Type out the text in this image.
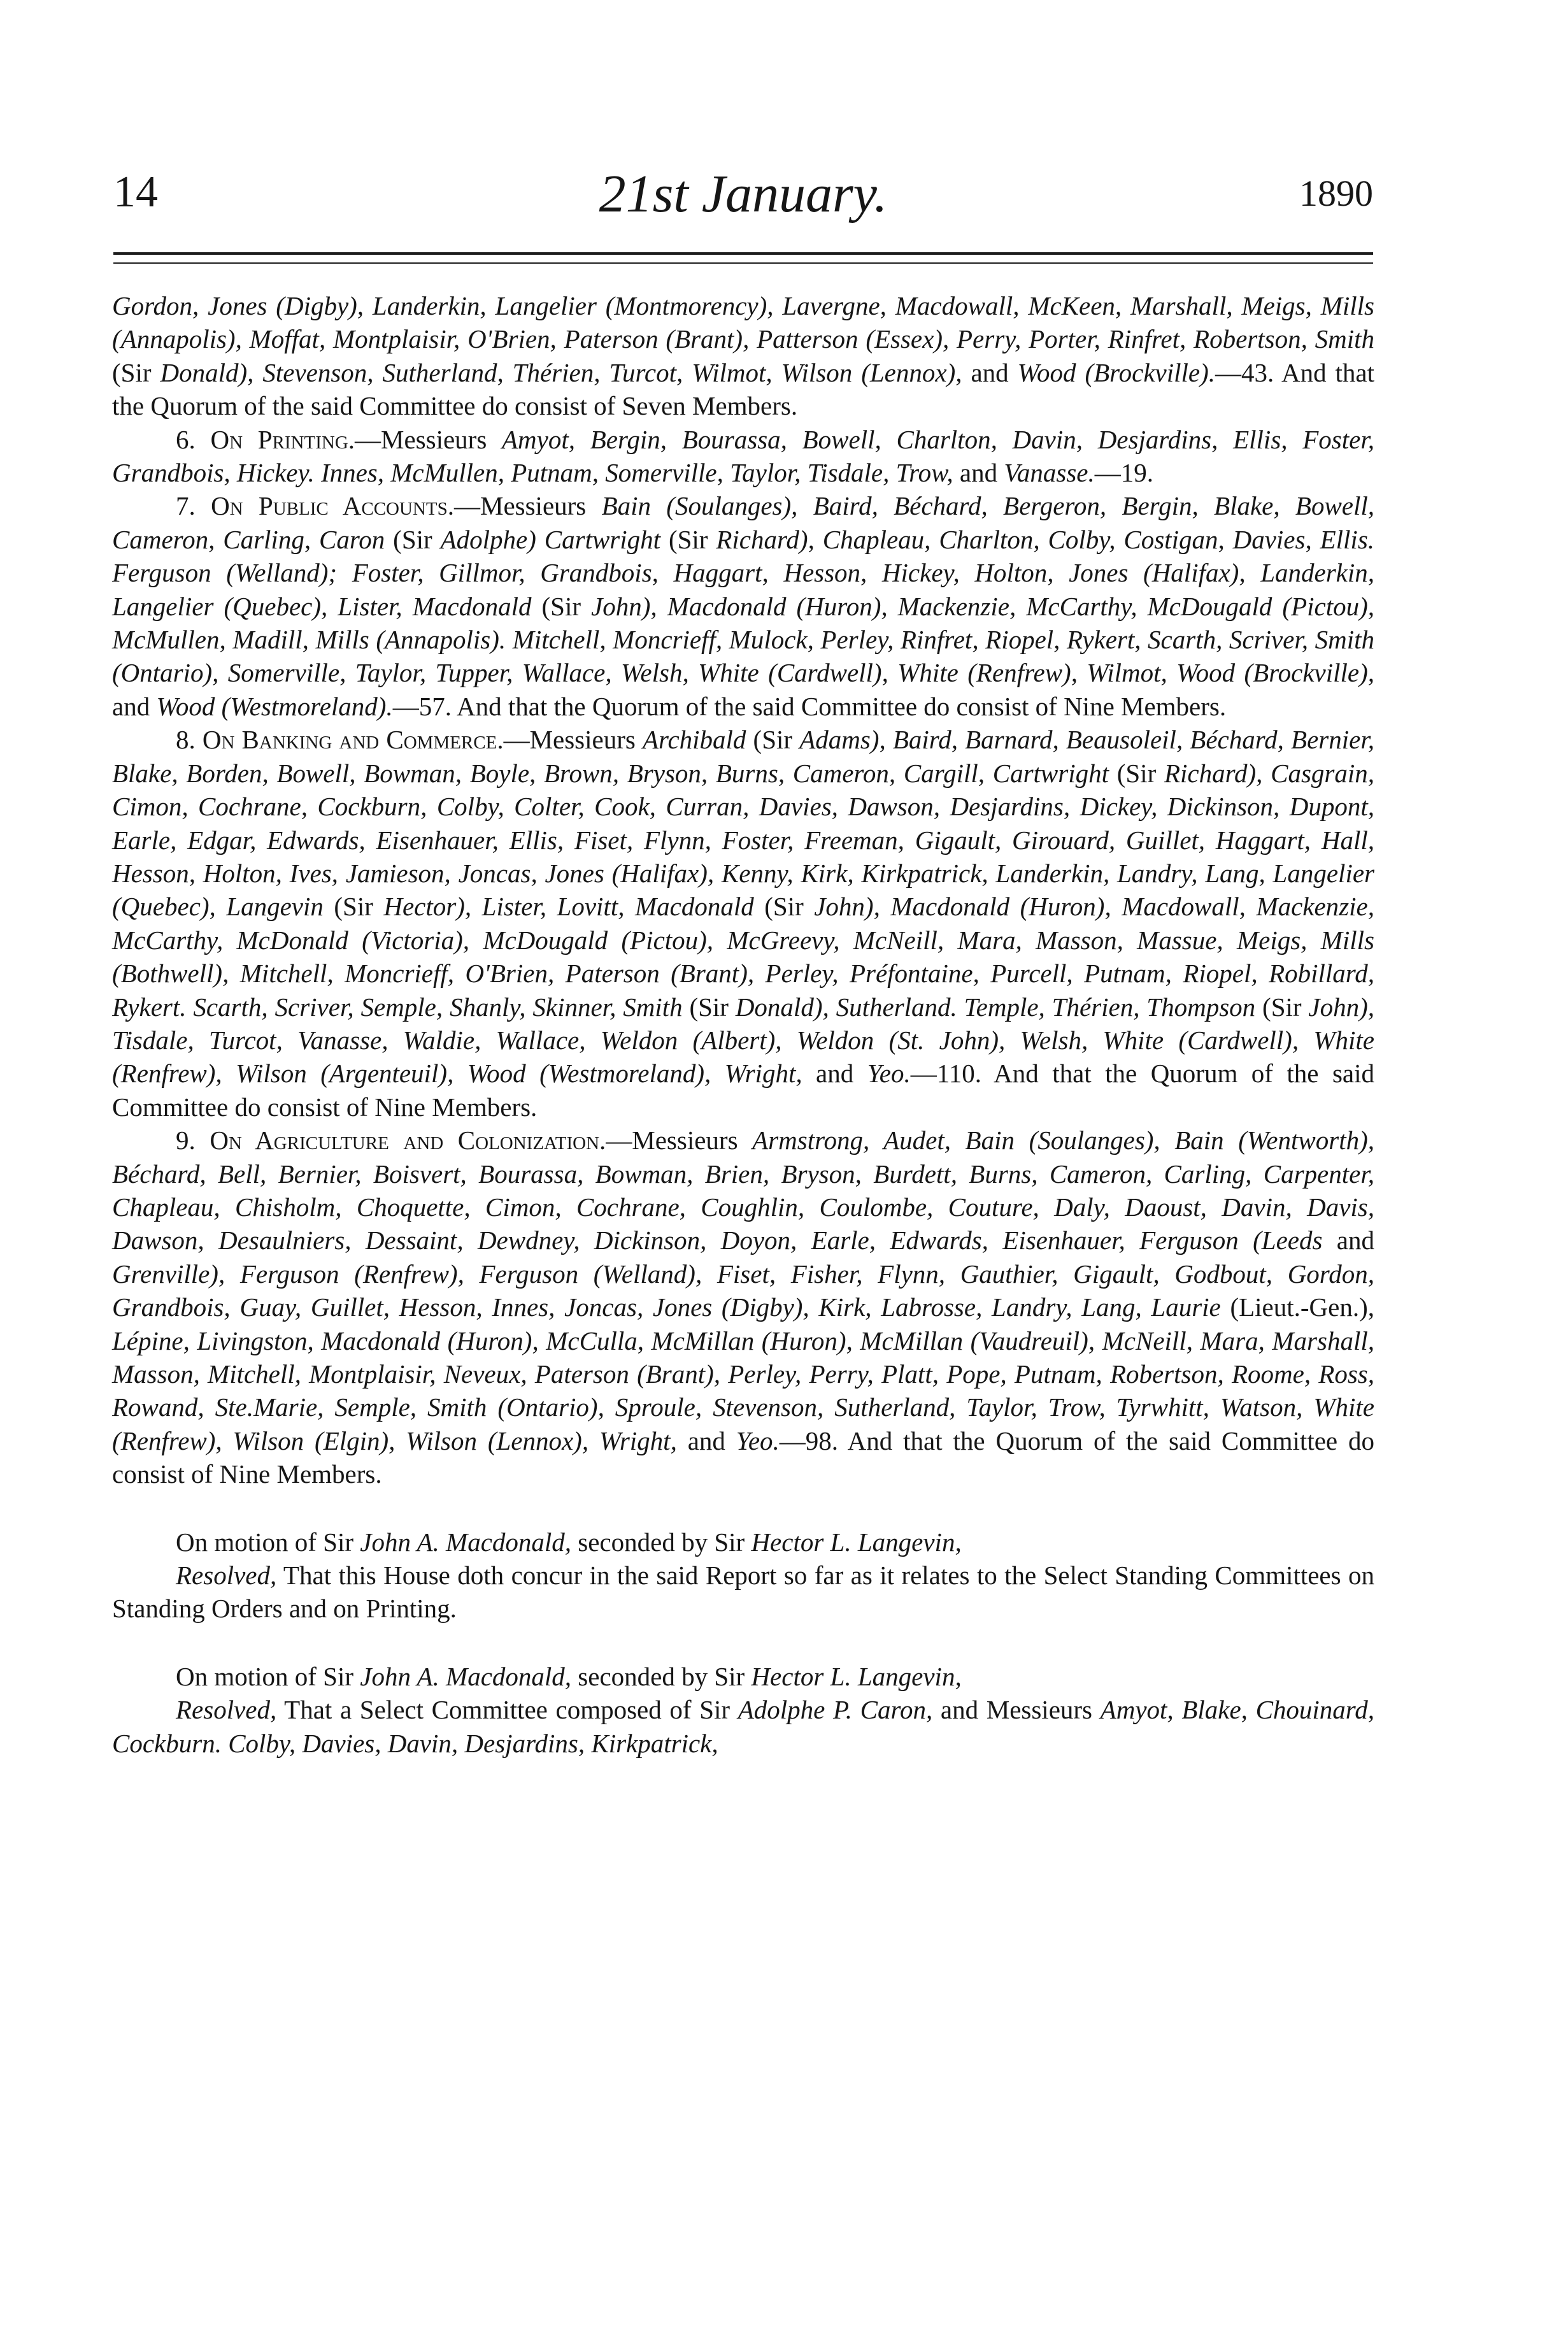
14	21st January.	1890

Gordon, Jones (Digby), Landerkin, Langelier (Montmorency), Lavergne, Macdowall, McKeen, Marshall, Meigs, Mills (Annapolis), Moffat, Montplaisir, O'Brien, Paterson (Brant), Patterson (Essex), Perry, Porter, Rinfret, Robertson, Smith (Sir Donald), Stevenson, Sutherland, Thérien, Turcot, Wilmot, Wilson (Lennox), and Wood (Brockville).—43. And that the Quorum of the said Committee do consist of Seven Members.

6. On Printing.—Messieurs Amyot, Bergin, Bourassa, Bowell, Charlton, Davin, Desjardins, Ellis, Foster, Grandbois, Hickey. Innes, McMullen, Putnam, Somerville, Taylor, Tisdale, Trow, and Vanasse.—19.

7. On Public Accounts.—Messieurs Bain (Soulanges), Baird, Béchard, Bergeron, Bergin, Blake, Bowell, Cameron, Carling, Caron (Sir Adolphe) Cartwright (Sir Richard), Chapleau, Charlton, Colby, Costigan, Davies, Ellis. Ferguson (Welland); Foster, Gillmor, Grandbois, Haggart, Hesson, Hickey, Holton, Jones (Halifax), Landerkin, Langelier (Quebec), Lister, Macdonald (Sir John), Macdonald (Huron), Mackenzie, McCarthy, McDougald (Pictou), McMullen, Madill, Mills (Annapolis). Mitchell, Moncrieff, Mulock, Perley, Rinfret, Riopel, Rykert, Scarth, Scriver, Smith (Ontario), Somerville, Taylor, Tupper, Wallace, Welsh, White (Cardwell), White (Renfrew), Wilmot, Wood (Brockville), and Wood (Westmoreland).—57. And that the Quorum of the said Committee do consist of Nine Members.

8. On Banking and Commerce.—Messieurs Archibald (Sir Adams), Baird, Barnard, Beausoleil, Béchard, Bernier, Blake, Borden, Bowell, Bowman, Boyle, Brown, Bryson, Burns, Cameron, Cargill, Cartwright (Sir Richard), Casgrain, Cimon, Cochrane, Cockburn, Colby, Colter, Cook, Curran, Davies, Dawson, Desjardins, Dickey, Dickinson, Dupont, Earle, Edgar, Edwards, Eisenhauer, Ellis, Fiset, Flynn, Foster, Freeman, Gigault, Girouard, Guillet, Haggart, Hall, Hesson, Holton, Ives, Jamieson, Joncas, Jones (Halifax), Kenny, Kirk, Kirkpatrick, Landerkin, Landry, Lang, Langelier (Quebec), Langevin (Sir Hector), Lister, Lovitt, Macdonald (Sir John), Macdonald (Huron), Macdowall, Mackenzie, McCarthy, McDonald (Victoria), McDougald (Pictou), McGreevy, McNeill, Mara, Masson, Massue, Meigs, Mills (Bothwell), Mitchell, Moncrieff, O'Brien, Paterson (Brant), Perley, Préfontaine, Purcell, Putnam, Riopel, Robillard, Rykert. Scarth, Scriver, Semple, Shanly, Skinner, Smith (Sir Donald), Sutherland. Temple, Thérien, Thompson (Sir John), Tisdale, Turcot, Vanasse, Waldie, Wallace, Weldon (Albert), Weldon (St. John), Welsh, White (Cardwell), White (Renfrew), Wilson (Argenteuil), Wood (Westmoreland), Wright, and Yeo.—110. And that the Quorum of the said Committee do consist of Nine Members.

9. On Agriculture and Colonization.—Messieurs Armstrong, Audet, Bain (Soulanges), Bain (Wentworth), Béchard, Bell, Bernier, Boisvert, Bourassa, Bowman, Brien, Bryson, Burdett, Burns, Cameron, Carling, Carpenter, Chapleau, Chisholm, Choquette, Cimon, Cochrane, Coughlin, Coulombe, Couture, Daly, Daoust, Davin, Davis, Dawson, Desaulniers, Dessaint, Dewdney, Dickinson, Doyon, Earle, Edwards, Eisenhauer, Ferguson (Leeds and Grenville), Ferguson (Renfrew), Ferguson (Welland), Fiset, Fisher, Flynn, Gauthier, Gigault, Godbout, Gordon, Grandbois, Guay, Guillet, Hesson, Innes, Joncas, Jones (Digby), Kirk, Labrosse, Landry, Lang, Laurie (Lieut.-Gen.), Lépine, Livingston, Macdonald (Huron), McCulla, McMillan (Huron), McMillan (Vaudreuil), McNeill, Mara, Marshall, Masson, Mitchell, Montplaisir, Neveux, Paterson (Brant), Perley, Perry, Platt, Pope, Putnam, Robertson, Roome, Ross, Rowand, Ste.Marie, Semple, Smith (Ontario), Sproule, Stevenson, Sutherland, Taylor, Trow, Tyrwhitt, Watson, White (Renfrew), Wilson (Elgin), Wilson (Lennox), Wright, and Yeo.—98. And that the Quorum of the said Committee do consist of Nine Members.

On motion of Sir John A. Macdonald, seconded by Sir Hector L. Langevin,

Resolved, That this House doth concur in the said Report so far as it relates to the Select Standing Committees on Standing Orders and on Printing.

On motion of Sir John A. Macdonald, seconded by Sir Hector L. Langevin,

Resolved, That a Select Committee composed of Sir Adolphe P. Caron, and Messieurs Amyot, Blake, Chouinard, Cockburn. Colby, Davies, Davin, Desjardins, Kirkpatrick,
